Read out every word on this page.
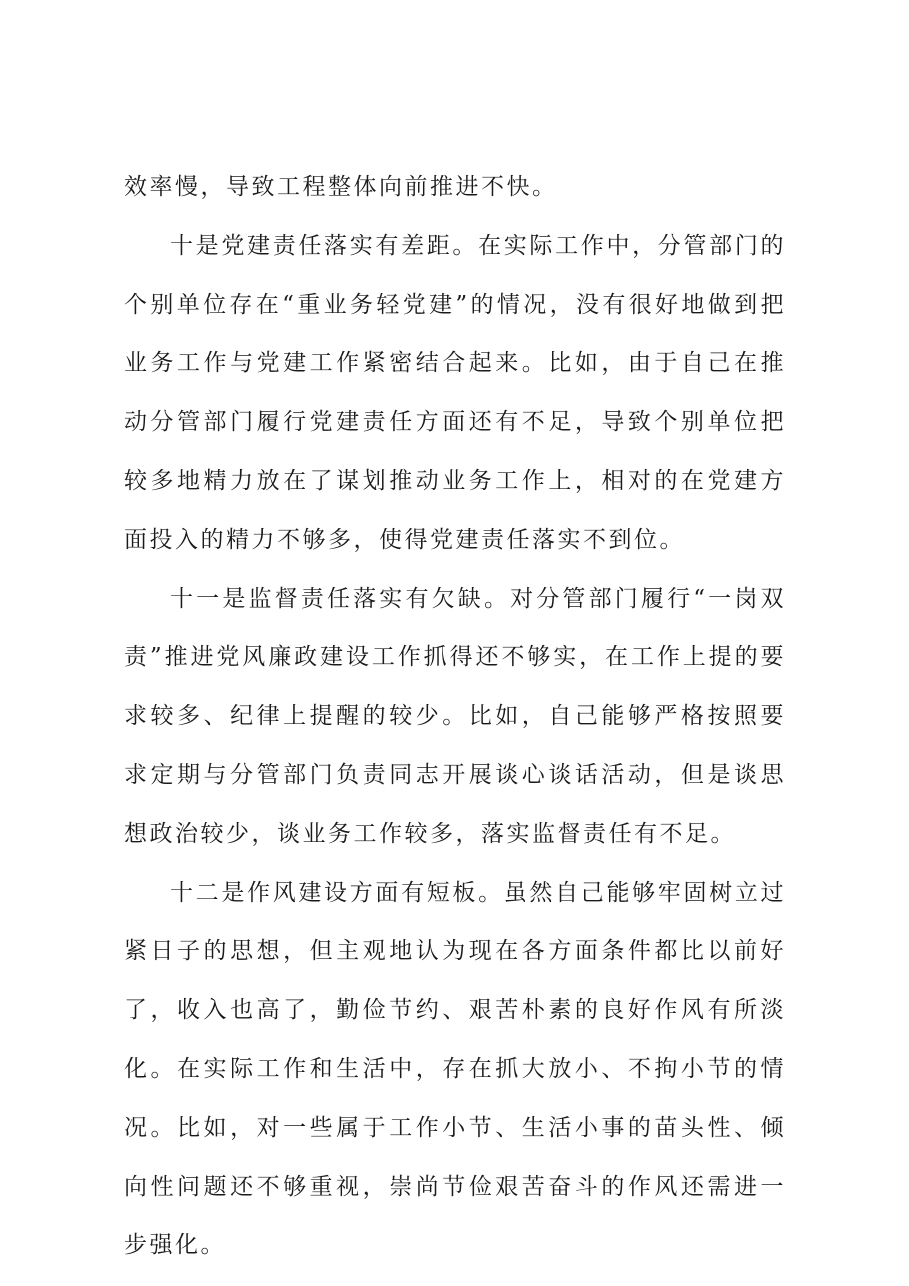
效率慢，导致工程整体向前推进不快。

十是党建责任落实有差距。在实际工作中，分管部门的个别单位存在“重业务轻党建”的情况，没有很好地做到把业务工作与党建工作紧密结合起来。比如，由于自己在推动分管部门履行党建责任方面还有不足，导致个别单位把较多地精力放在了谋划推动业务工作上，相对的在党建方面投入的精力不够多，使得党建责任落实不到位。

十一是监督责任落实有欠缺。对分管部门履行“一岗双责”推进党风廉政建设工作抓得还不够实，在工作上提的要求较多、纪律上提醒的较少。比如，自己能够严格按照要求定期与分管部门负责同志开展谈心谈话活动，但是谈思想政治较少，谈业务工作较多，落实监督责任有不足。

十二是作风建设方面有短板。虽然自己能够牢固树立过紧日子的思想，但主观地认为现在各方面条件都比以前好了，收入也高了，勤俭节约、艰苦朴素的良好作风有所淡化。在实际工作和生活中，存在抓大放小、不拘小节的情况。比如，对一些属于工作小节、生活小事的苗头性、倾向性问题还不够重视，崇尚节俭艰苦奋斗的作风还需进一步强化。
